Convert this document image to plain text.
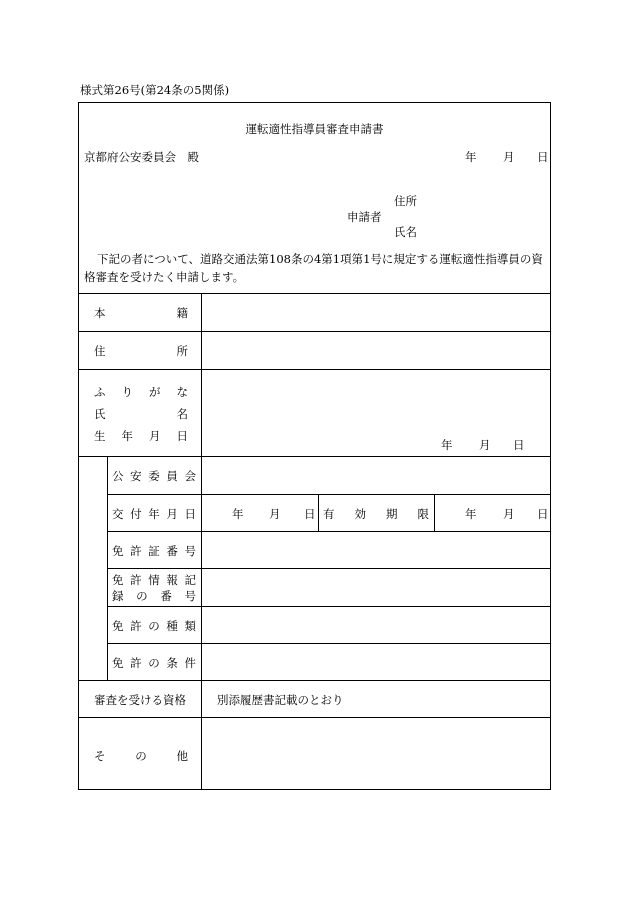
様式第26号(第24条の5関係)
運転適性指導員審査申請書
京都府公安委員会　殿	年 月 日
住所
申請者
氏名
下記の者について、道路交通法第108条の4第1項第1号に規定する運転適性指導員の資
格審査を受けたく申請します。
本	籍
住	所
ふ り が な
氏	名
生 年 月 日
年 月 日
公 安 委 員 会
交 付 年 月 日	年 月 日 有 効 期 限	年 月 日
免 許 証 番 号
免 許 情 報 記
録 の 番 号
免 許 の 種 類
免 許 の 条 件
審査を受ける資格	別添履歴書記載のとおり
そ	の	他
